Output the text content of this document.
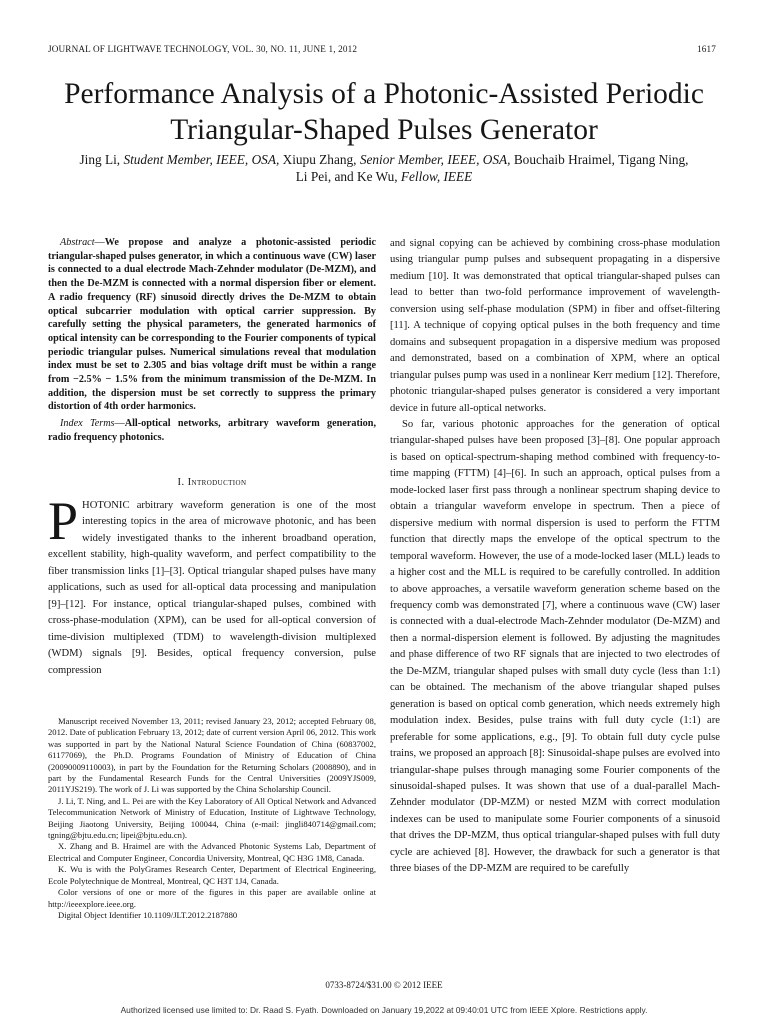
JOURNAL OF LIGHTWAVE TECHNOLOGY, VOL. 30, NO. 11, JUNE 1, 2012	1617
Performance Analysis of a Photonic-Assisted Periodic Triangular-Shaped Pulses Generator
Jing Li, Student Member, IEEE, OSA, Xiupu Zhang, Senior Member, IEEE, OSA, Bouchaib Hraimel, Tigang Ning,
Li Pei, and Ke Wu, Fellow, IEEE

Abstract — We propose and analyze a photonic-assisted periodic triangular-shaped pulses generator, in which a continuous wave (CW) laser is connected to a dual electrode Mach-Zehnder modulator (De-MZM), and then the De-MZM is connected with a normal dispersion fiber or element. A radio frequency (RF) sinusoid directly drives the De-MZM to obtain optical subcarrier modulation with optical carrier suppression. By carefully setting the physical parameters, the generated harmonics of optical intensity can be corresponding to the Fourier components of typical periodic triangular pulses. Numerical simulations reveal that modulation index must be set to 2.305 and bias voltage drift must be within a range from −2.5% − 1.5% from the minimum transmission of the De-MZM. In addition, the dispersion must be set correctly to suppress the primary distortion of 4th order harmonics.

Index Terms — All-optical networks, arbitrary waveform generation, radio frequency photonics.

I. Introduction

PHOTONIC arbitrary waveform generation is one of the most interesting topics in the area of microwave photonic, and has been widely investigated thanks to the inherent broadband operation, excellent stability, high-quality waveform, and perfect compatibility to the fiber transmission links [1]–[3]. Optical triangular shaped pulses have many applications, such as used for all-optical data processing and manipulation [9]–[12]. For instance, optical triangular-shaped pulses, combined with cross-phase-modulation (XPM), can be used for all-optical conversion of time-division multiplexed (TDM) to wavelength-division multiplexed (WDM) signals [9]. Besides, optical frequency conversion, pulse compression

Manuscript received November 13, 2011; revised January 23, 2012; accepted February 08, 2012. Date of publication February 13, 2012; date of current version April 06, 2012. This work was supported in part by the National Natural Science Foundation of China (60837002, 61177069), the Ph.D. Programs Foundation of Ministry of Education of China (20090009110003), in part by the Foundation for the Returning Scholars (2008890), and in part by the Fundamental Research Funds for the Central Universities (2009YJS009, 2011YJS219). The work of J. Li was supported by the China Scholarship Council.

J. Li, T. Ning, and L. Pei are with the Key Laboratory of All Optical Network and Advanced Telecommunication Network of Ministry of Education, Institute of Lightwave Technology, Beijing Jiaotong University, Beijing 100044, China (e-mail: jingli840714@gmail.com; tgning@bjtu.edu.cn; lipei@bjtu.edu.cn).

X. Zhang and B. Hraimel are with the Advanced Photonic Systems Lab, Department of Electrical and Computer Engineer, Concordia University, Montreal, QC H3G 1M8, Canada.

K. Wu is with the PolyGrames Research Center, Department of Electrical Engineering, Ecole Polytechnique de Montreal, Montreal, QC H3T 1J4, Canada.

Color versions of one or more of the figures in this paper are available online at http://ieeexplore.ieee.org.

Digital Object Identifier 10.1109/JLT.2012.2187880

and signal copying can be achieved by combining cross-phase modulation using triangular pump pulses and subsequent propagating in a dispersive medium [10]. It was demonstrated that optical triangular-shaped pulses can lead to better than two-fold performance improvement of wavelength-conversion using self-phase modulation (SPM) in fiber and offset-filtering [11]. A technique of copying optical pulses in the both frequency and time domains and subsequent propagation in a dispersive medium was proposed and demonstrated, based on a combination of XPM, where an optical triangular pulses pump was used in a nonlinear Kerr medium [12]. Therefore, photonic triangular-shaped pulses generator is considered a very important device in future all-optical networks.

So far, various photonic approaches for the generation of optical triangular-shaped pulses have been proposed [3]–[8]. One popular approach is based on optical-spectrum-shaping method combined with frequency-to-time mapping (FTTM) [4]–[6]. In such an approach, optical pulses from a mode-locked laser first pass through a nonlinear spectrum shaping device to obtain a triangular waveform envelope in spectrum. Then a piece of dispersive medium with normal dispersion is used to perform the FTTM function that directly maps the envelope of the optical spectrum to the temporal waveform. However, the use of a mode-locked laser (MLL) leads to a higher cost and the MLL is required to be carefully controlled. In addition to above approaches, a versatile waveform generation scheme based on the frequency comb was demonstrated [7], where a continuous wave (CW) laser is connected with a dual-electrode Mach-Zehnder modulator (De-MZM) and then a normal-dispersion element is followed. By adjusting the magnitudes and phase difference of two RF signals that are injected to two electrodes of the De-MZM, triangular shaped pulses with small duty cycle (less than 1:1) can be obtained. The mechanism of the above triangular shaped pulses generation is based on optical comb generation, which needs extremely high modulation index. Besides, pulse trains with full duty cycle (1:1) are preferable for some applications, e.g., [9]. To obtain full duty cycle pulse trains, we proposed an approach [8]: Sinusoidal-shape pulses are evolved into triangular-shape pulses through managing some Fourier components of the sinusoidal-shaped pulses. It was shown that use of a dual-parallel Mach-Zehnder modulator (DP-MZM) or nested MZM with correct modulation indexes can be used to manipulate some Fourier components of a sinusoid that drives the DP-MZM, thus optical triangular-shaped pulses with full duty cycle are achieved [8]. However, the drawback for such a generator is that three biases of the DP-MZM are required to be carefully

0733-8724/$31.00 © 2012 IEEE
Authorized licensed use limited to: Dr. Raad S. Fyath. Downloaded on January 19,2022 at 09:40:01 UTC from IEEE Xplore. Restrictions apply.
